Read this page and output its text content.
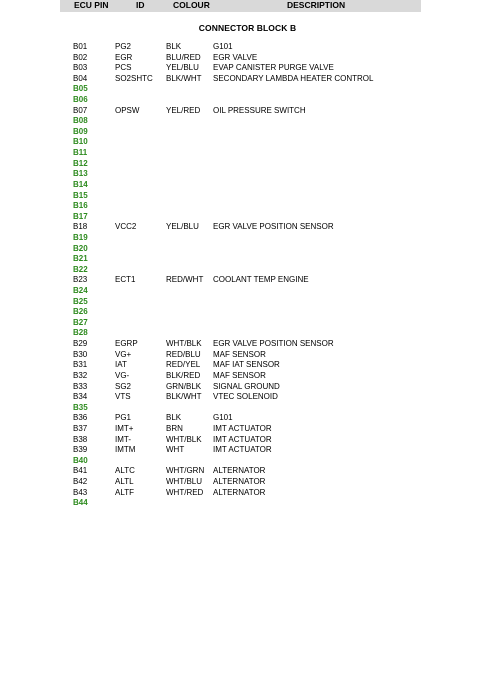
ECU PIN	ID	COLOUR	DESCRIPTION
CONNECTOR BLOCK B
B01	PG2	BLK	G101
B02	EGR	BLU/RED EGR VALVE
B03	PCS	YEL/BLU EVAP CANISTER PURGE VALVE
B04	SO2SHTC BLK/WHT SECONDARY LAMBDA HEATER CONTROL
B05
B06
B07	OPSW	YEL/RED OIL PRESSURE SWITCH
B08
B09
B10
B11
B12
B13
B14
B15
B16
B17
B18	VCC2	YEL/BLU EGR VALVE POSITION SENSOR
B19
B20
B21
B22
B23	ECT1	RED/WHT COOLANT TEMP ENGINE
B24
B25
B26
B27
B28
B29	EGRP	WHT/BLK EGR VALVE POSITION SENSOR
B30	VG+	RED/BLU MAF SENSOR
B31	IAT	RED/YEL MAF IAT SENSOR
B32	VG-	BLK/RED MAF SENSOR
B33	SG2	GRN/BLK SIGNAL GROUND
B34	VTS	BLK/WHT VTEC SOLENOID
B35
B36	PG1	BLK	G101
B37	IMT+	BRN	IMT ACTUATOR
B38	IMT-	WHT/BLK IMT ACTUATOR
B39	IMTM	WHT	IMT ACTUATOR
B40
B41	ALTC	WHT/GRN ALTERNATOR
B42	ALTL	WHT/BLU ALTERNATOR
B43	ALTF	WHT/RED ALTERNATOR
B44
